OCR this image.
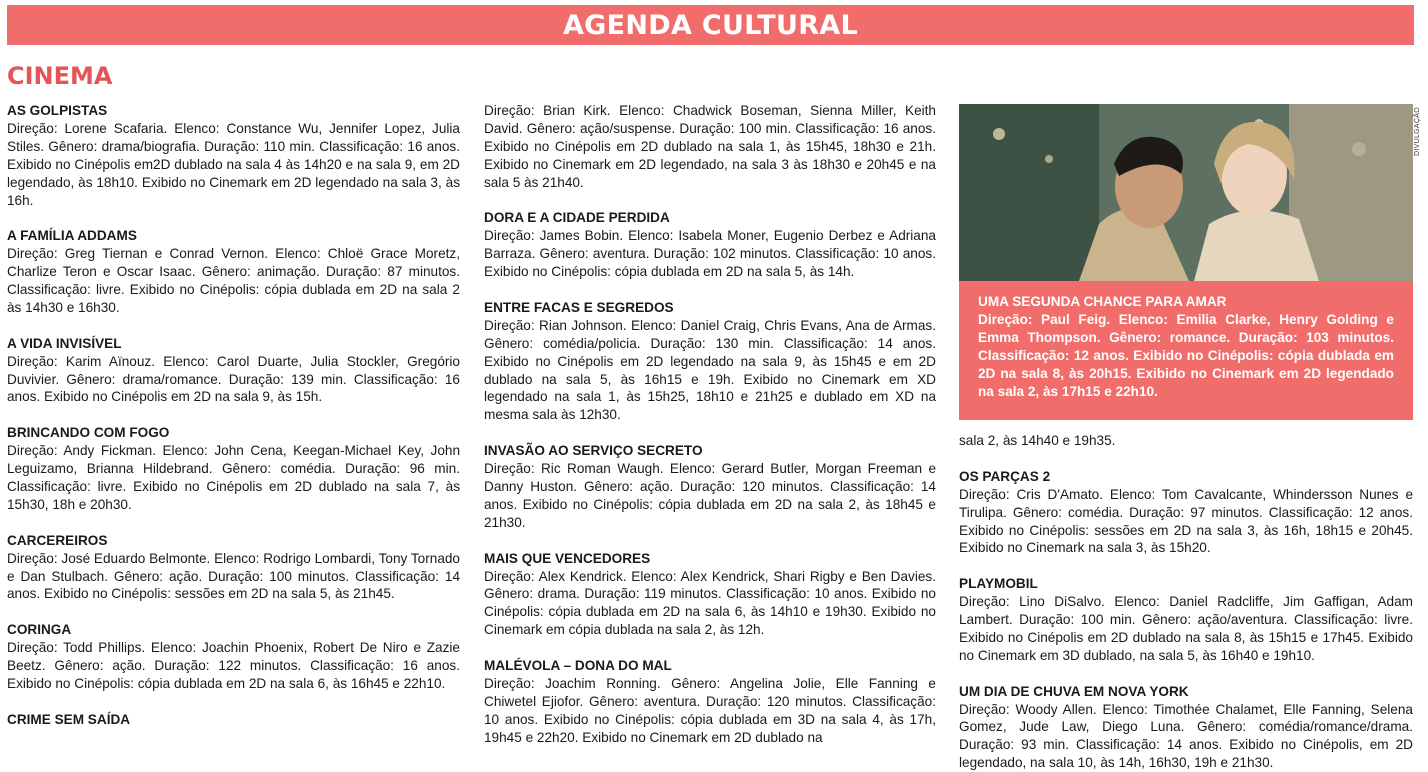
AGENDA CULTURAL
CINEMA

AS GOLPISTAS

Direção: Lorene Scafaria. Elenco: Constance Wu, Jennifer Lopez, Julia Stiles. Gênero: drama/biografia. Duração: 110 min. Classificação: 16 anos. Exibido no Cinépolis em2D dublado na sala 4 às 14h20 e na sala 9, em 2D legendado, às 18h10. Exibido no Cinemark em 2D legendado na sala 3, às 16h.

A FAMÍLIA ADDAMS

Direção: Greg Tiernan e Conrad Vernon. Elenco: Chloë Grace Moretz, Charlize Teron e Oscar Isaac. Gênero: animação. Duração: 87 minutos. Classificação: livre. Exibido no Cinépolis: cópia dublada em 2D na sala 2 às 14h30 e 16h30.

A VIDA INVISÍVEL

Direção: Karim Aïnouz. Elenco: Carol Duarte, Julia Stockler, Gregório Duvivier. Gênero: drama/romance. Duração: 139 min. Classificação: 16 anos. Exibido no Cinépolis em 2D na sala 9, às 15h.

BRINCANDO COM FOGO

Direção: Andy Fickman. Elenco: John Cena, Keegan-Michael Key, John Leguizamo, Brianna Hildebrand. Gênero: comédia. Duração: 96 min. Classificação: livre. Exibido no Cinépolis em 2D dublado na sala 7, às 15h30, 18h e 20h30.

CARCEREIROS

Direção: José Eduardo Belmonte. Elenco: Rodrigo Lombardi, Tony Tornado e Dan Stulbach. Gênero: ação. Duração: 100 minutos. Classificação: 14 anos. Exibido no Cinépolis: sessões em 2D na sala 5, às 21h45.

CORINGA

Direção: Todd Phillips. Elenco: Joachin Phoenix, Robert De Niro e Zazie Beetz. Gênero: ação. Duração: 122 minutos. Classificação: 16 anos. Exibido no Cinépolis: cópia dublada em 2D na sala 6, às 16h45 e 22h10.

CRIME SEM SAÍDA

Direção: Brian Kirk. Elenco: Chadwick Boseman, Sienna Miller, Keith David. Gênero: ação/suspense. Duração: 100 min. Classificação: 16 anos. Exibido no Cinépolis em 2D dublado na sala 1, às 15h45, 18h30 e 21h. Exibido no Cinemark em 2D legendado, na sala 3 às 18h30 e 20h45 e na sala 5 às 21h40.

DORA E A CIDADE PERDIDA

Direção: James Bobin. Elenco: Isabela Moner, Eugenio Derbez e Adriana Barraza. Gênero: aventura. Duração: 102 minutos. Classificação: 10 anos. Exibido no Cinépolis: cópia dublada em 2D na sala 5, às 14h.

ENTRE FACAS E SEGREDOS

Direção: Rian Johnson. Elenco: Daniel Craig, Chris Evans, Ana de Armas. Gênero: comédia/policia. Duração: 130 min. Classificação: 14 anos. Exibido no Cinépolis em 2D legendado na sala 9, às 15h45 e em 2D dublado na sala 5, às 16h15 e 19h. Exibido no Cinemark em XD legendado na sala 1, às 15h25, 18h10 e 21h25 e dublado em XD na mesma sala às 12h30.

INVASÃO AO SERVIÇO SECRETO

Direção: Ric Roman Waugh. Elenco: Gerard Butler, Morgan Freeman e Danny Huston. Gênero: ação. Duração: 120 minutos. Classificação: 14 anos. Exibido no Cinépolis: cópia dublada em 2D na sala 2, às 18h45 e 21h30.

MAIS QUE VENCEDORES

Direção: Alex Kendrick. Elenco: Alex Kendrick, Shari Rigby e Ben Davies. Gênero: drama. Duração: 119 minutos. Classificação: 10 anos. Exibido no Cinépolis: cópia dublada em 2D na sala 6, às 14h10 e 19h30. Exibido no Cinemark em cópia dublada na sala 2, às 12h.

MALÉVOLA – DONA DO MAL

Direção: Joachim Ronning. Gênero: Angelina Jolie, Elle Fanning e Chiwetel Ejiofor. Gênero: aventura. Duração: 120 minutos. Classificação: 10 anos. Exibido no Cinépolis: cópia dublada em 3D na sala 4, às 17h, 19h45 e 22h20. Exibido no Cinemark em 2D dublado na

DIVULGAÇÃO

UMA SEGUNDA CHANCE PARA AMAR

Direção: Paul Feig. Elenco: Emilia Clarke, Henry Golding e Emma Thompson. Gênero: romance. Duração: 103 minutos. Classificação: 12 anos. Exibido no Cinépolis: cópia dublada em 2D na sala 8, às 20h15. Exibido no Cinemark em 2D legendado na sala 2, às 17h15 e 22h10.

sala 2, às 14h40 e 19h35.

OS PARÇAS 2

Direção: Cris D'Amato. Elenco: Tom Cavalcante, Whindersson Nunes e Tirulipa. Gênero: comédia. Duração: 97 minutos. Classificação: 12 anos. Exibido no Cinépolis: sessões em 2D na sala 3, às 16h, 18h15 e 20h45. Exibido no Cinemark na sala 3, às 15h20.

PLAYMOBIL

Direção: Lino DiSalvo. Elenco: Daniel Radcliffe, Jim Gaffigan, Adam Lambert. Duração: 100 min. Gênero: ação/aventura. Classificação: livre. Exibido no Cinépolis em 2D dublado na sala 8, às 15h15 e 17h45. Exibido no Cinemark em 3D dublado, na sala 5, às 16h40 e 19h10.

UM DIA DE CHUVA EM NOVA YORK

Direção: Woody Allen. Elenco: Timothée Chalamet, Elle Fanning, Selena Gomez, Jude Law, Diego Luna. Gênero: comédia/romance/drama. Duração: 93 min. Classificação: 14 anos. Exibido no Cinépolis, em 2D legendado, na sala 10, às 14h, 16h30, 19h e 21h30.
